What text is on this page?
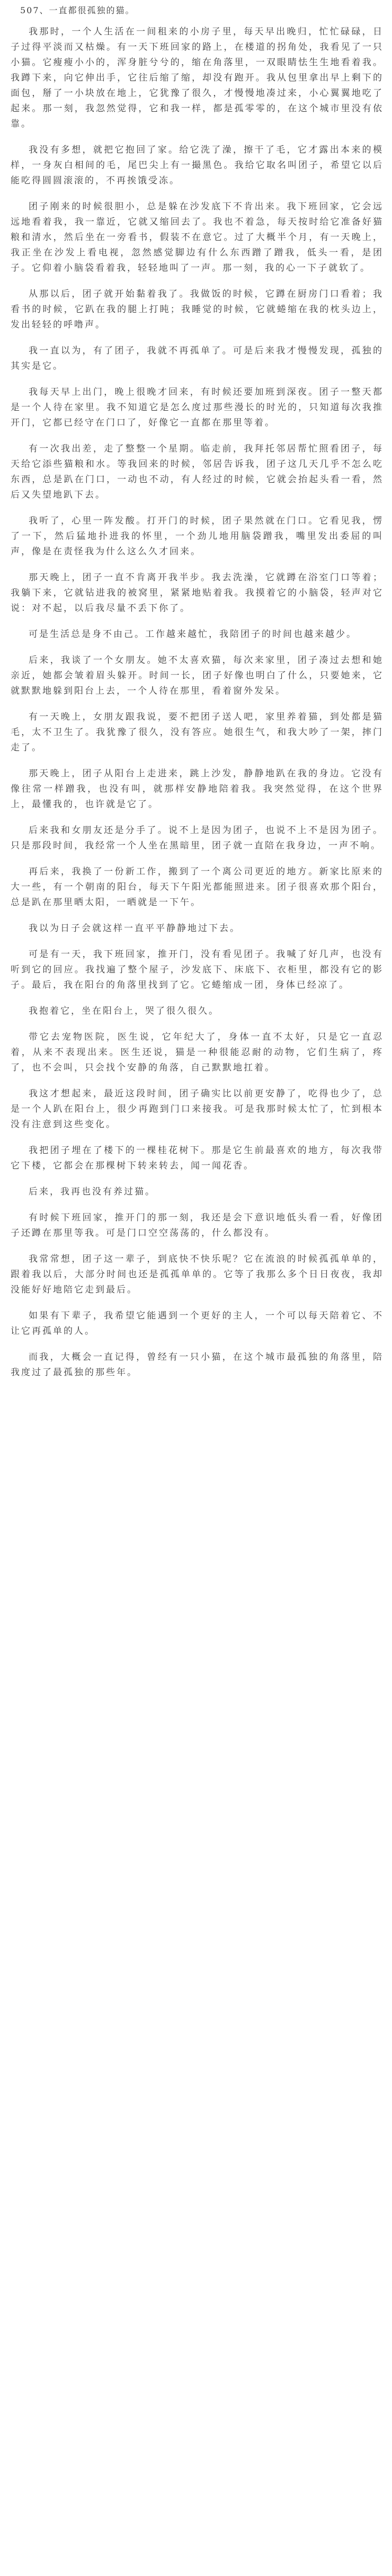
507、一直都很孤独的猫。

我那时，一个人生活在一间租来的小房子里，每天早出晚归，忙忙碌碌，日子过得平淡而又枯燥。有一天下班回家的路上，在楼道的拐角处，我看见了一只小猫。它瘦瘦小小的，浑身脏兮兮的，缩在角落里，一双眼睛怯生生地看着我。我蹲下来，向它伸出手，它往后缩了缩，却没有跑开。我从包里拿出早上剩下的面包，掰了一小块放在地上，它犹豫了很久，才慢慢地凑过来，小心翼翼地吃了起来。那一刻，我忽然觉得，它和我一样，都是孤零零的，在这个城市里没有依靠。

我没有多想，就把它抱回了家。给它洗了澡，擦干了毛，它才露出本来的模样，一身灰白相间的毛，尾巴尖上有一撮黑色。我给它取名叫团子，希望它以后能吃得圆圆滚滚的，不再挨饿受冻。

团子刚来的时候很胆小，总是躲在沙发底下不肯出来。我下班回家，它会远远地看着我，我一靠近，它就又缩回去了。我也不着急，每天按时给它准备好猫粮和清水，然后坐在一旁看书，假装不在意它。过了大概半个月，有一天晚上，我正坐在沙发上看电视，忽然感觉脚边有什么东西蹭了蹭我，低头一看，是团子。它仰着小脑袋看着我，轻轻地叫了一声。那一刻，我的心一下子就软了。

从那以后，团子就开始黏着我了。我做饭的时候，它蹲在厨房门口看着；我看书的时候，它趴在我的腿上打盹；我睡觉的时候，它就蜷缩在我的枕头边上，发出轻轻的呼噜声。

我一直以为，有了团子，我就不再孤单了。可是后来我才慢慢发现，孤独的其实是它。

我每天早上出门，晚上很晚才回来，有时候还要加班到深夜。团子一整天都是一个人待在家里。我不知道它是怎么度过那些漫长的时光的，只知道每次我推开门，它都已经守在门口了，好像它一直都在那里等着。

有一次我出差，走了整整一个星期。临走前，我拜托邻居帮忙照看团子，每天给它添些猫粮和水。等我回来的时候，邻居告诉我，团子这几天几乎不怎么吃东西，总是趴在门口，一动也不动，有人经过的时候，它就会抬起头看一看，然后又失望地趴下去。

我听了，心里一阵发酸。打开门的时候，团子果然就在门口。它看见我，愣了一下，然后猛地扑进我的怀里，一个劲儿地用脑袋蹭我，嘴里发出委屈的叫声，像是在责怪我为什么这么久才回来。

那天晚上，团子一直不肯离开我半步。我去洗澡，它就蹲在浴室门口等着；我躺下来，它就钻进我的被窝里，紧紧地贴着我。我摸着它的小脑袋，轻声对它说：对不起，以后我尽量不丢下你了。

可是生活总是身不由己。工作越来越忙，我陪团子的时间也越来越少。

后来，我谈了一个女朋友。她不太喜欢猫，每次来家里，团子凑过去想和她亲近，她都会皱着眉头躲开。时间一长，团子好像也明白了什么，只要她来，它就默默地躲到阳台上去，一个人待在那里，看着窗外发呆。

有一天晚上，女朋友跟我说，要不把团子送人吧，家里养着猫，到处都是猫毛，太不卫生了。我犹豫了很久，没有答应。她很生气，和我大吵了一架，摔门走了。

那天晚上，团子从阳台上走进来，跳上沙发，静静地趴在我的身边。它没有像往常一样蹭我，也没有叫，就那样安静地陪着我。我突然觉得，在这个世界上，最懂我的，也许就是它了。

后来我和女朋友还是分手了。说不上是因为团子，也说不上不是因为团子。只是那段时间，我经常一个人坐在黑暗里，团子就一直陪在我身边，一声不响。

再后来，我换了一份新工作，搬到了一个离公司更近的地方。新家比原来的大一些，有一个朝南的阳台，每天下午阳光都能照进来。团子很喜欢那个阳台，总是趴在那里晒太阳，一晒就是一下午。

我以为日子会就这样一直平平静静地过下去。

可是有一天，我下班回家，推开门，没有看见团子。我喊了好几声，也没有听到它的回应。我找遍了整个屋子，沙发底下、床底下、衣柜里，都没有它的影子。最后，我在阳台的角落里找到了它。它蜷缩成一团，身体已经凉了。

我抱着它，坐在阳台上，哭了很久很久。

带它去宠物医院，医生说，它年纪大了，身体一直不太好，只是它一直忍着，从来不表现出来。医生还说，猫是一种很能忍耐的动物，它们生病了，疼了，也不会叫，只会找个安静的角落，自己默默地扛着。

我这才想起来，最近这段时间，团子确实比以前更安静了，吃得也少了，总是一个人趴在阳台上，很少再跑到门口来接我。可是我那时候太忙了，忙到根本没有注意到这些变化。

我把团子埋在了楼下的一棵桂花树下。那是它生前最喜欢的地方，每次我带它下楼，它都会在那棵树下转来转去，闻一闻花香。

后来，我再也没有养过猫。

有时候下班回家，推开门的那一刻，我还是会下意识地低头看一看，好像团子还蹲在那里等我。可是门口空空荡荡的，什么都没有。

我常常想，团子这一辈子，到底快不快乐呢？它在流浪的时候孤孤单单的，跟着我以后，大部分时间也还是孤孤单单的。它等了我那么多个日日夜夜，我却没能好好地陪它走到最后。

如果有下辈子，我希望它能遇到一个更好的主人，一个可以每天陪着它、不让它再孤单的人。

而我，大概会一直记得，曾经有一只小猫，在这个城市最孤独的角落里，陪我度过了最孤独的那些年。
